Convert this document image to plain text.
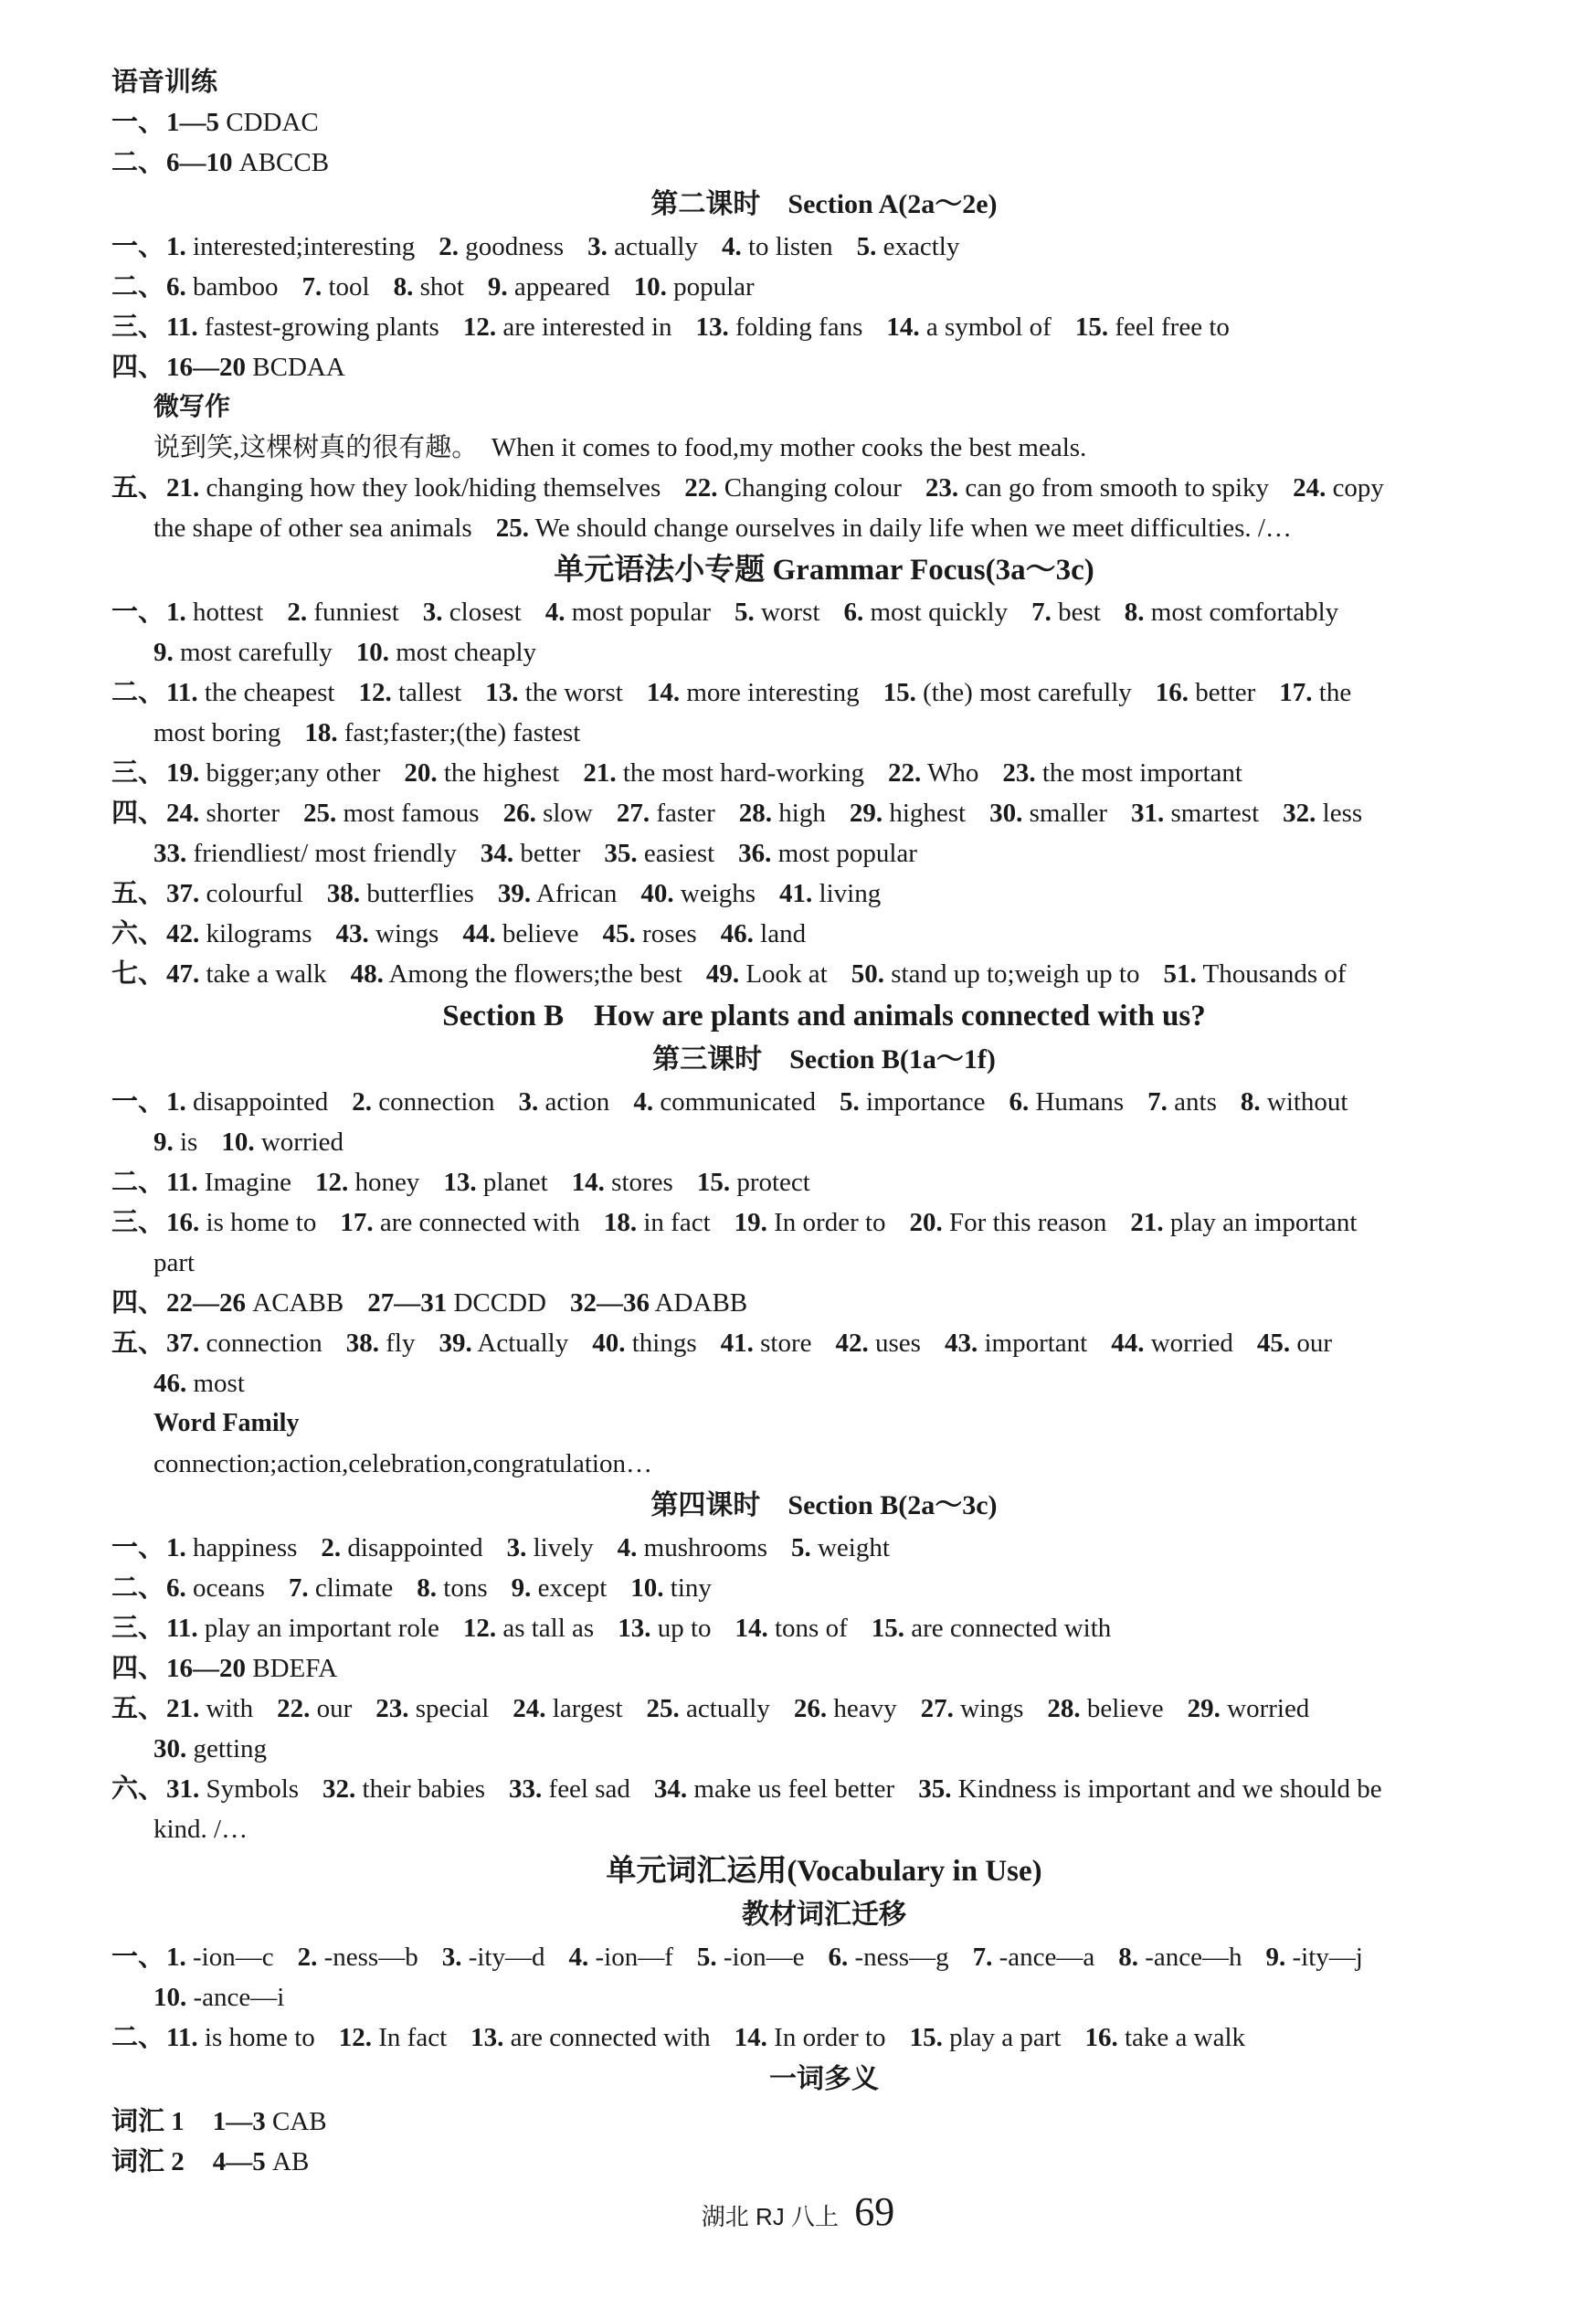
语音训练
一、1—5 CDDAC
二、6—10 ABCCB
第二课时　Section A(2a～2e)
一、1. interested;interesting 2. goodness 3. actually 4. to listen 5. exactly
二、6. bamboo 7. tool 8. shot 9. appeared 10. popular
三、11. fastest-growing plants 12. are interested in 13. folding fans 14. a symbol of 15. feel free to
四、16—20 BCDAA
微写作
说到笑,这棵树真的很有趣。　When it comes to food,my mother cooks the best meals.
五、21. changing how they look/hiding themselves 22. Changing colour 23. can go from smooth to spiky 24. copy
the shape of other sea animals 25. We should change ourselves in daily life when we meet difficulties. /…
单元语法小专题 Grammar Focus(3a～3c)
一、1. hottest 2. funniest 3. closest 4. most popular 5. worst 6. most quickly 7. best 8. most comfortably
9. most carefully 10. most cheaply
二、11. the cheapest 12. tallest 13. the worst 14. more interesting 15. (the) most carefully 16. better 17. the
most boring 18. fast;faster;(the) fastest
三、19. bigger;any other 20. the highest 21. the most hard-working 22. Who 23. the most important
四、24. shorter 25. most famous 26. slow 27. faster 28. high 29. highest 30. smaller 31. smartest 32. less
33. friendliest/ most friendly 34. better 35. easiest 36. most popular
五、37. colourful 38. butterflies 39. African 40. weighs 41. living
六、42. kilograms 43. wings 44. believe 45. roses 46. land
七、47. take a walk 48. Among the flowers;the best 49. Look at 50. stand up to;weigh up to 51. Thousands of
Section B　How are plants and animals connected with us?
第三课时　Section B(1a～1f)
一、1. disappointed 2. connection 3. action 4. communicated 5. importance 6. Humans 7. ants 8. without
9. is 10. worried
二、11. Imagine 12. honey 13. planet 14. stores 15. protect
三、16. is home to 17. are connected with 18. in fact 19. In order to 20. For this reason 21. play an important
part
四、22—26 ACABB 27—31 DCCDD 32—36 ADABB
五、37. connection 38. fly 39. Actually 40. things 41. store 42. uses 43. important 44. worried 45. our
46. most
Word Family
connection;action,celebration,congratulation…
第四课时　Section B(2a～3c)
一、1. happiness 2. disappointed 3. lively 4. mushrooms 5. weight
二、6. oceans 7. climate 8. tons 9. except 10. tiny
三、11. play an important role 12. as tall as 13. up to 14. tons of 15. are connected with
四、16—20 BDEFA
五、21. with 22. our 23. special 24. largest 25. actually 26. heavy 27. wings 28. believe 29. worried
30. getting
六、31. Symbols 32. their babies 33. feel sad 34. make us feel better 35. Kindness is important and we should be
kind. /…
单元词汇运用(Vocabulary in Use)
教材词汇迁移
一、1. -ion—c 2. -ness—b 3. -ity—d 4. -ion—f 5. -ion—e 6. -ness—g 7. -ance—a 8. -ance—h 9. -ity—j
10. -ance—i
二、11. is home to 12. In fact 13. are connected with 14. In order to 15. play a part 16. take a walk
一词多义
词汇 1　1—3 CAB
词汇 2　4—5 AB
湖北 RJ 八上 69
